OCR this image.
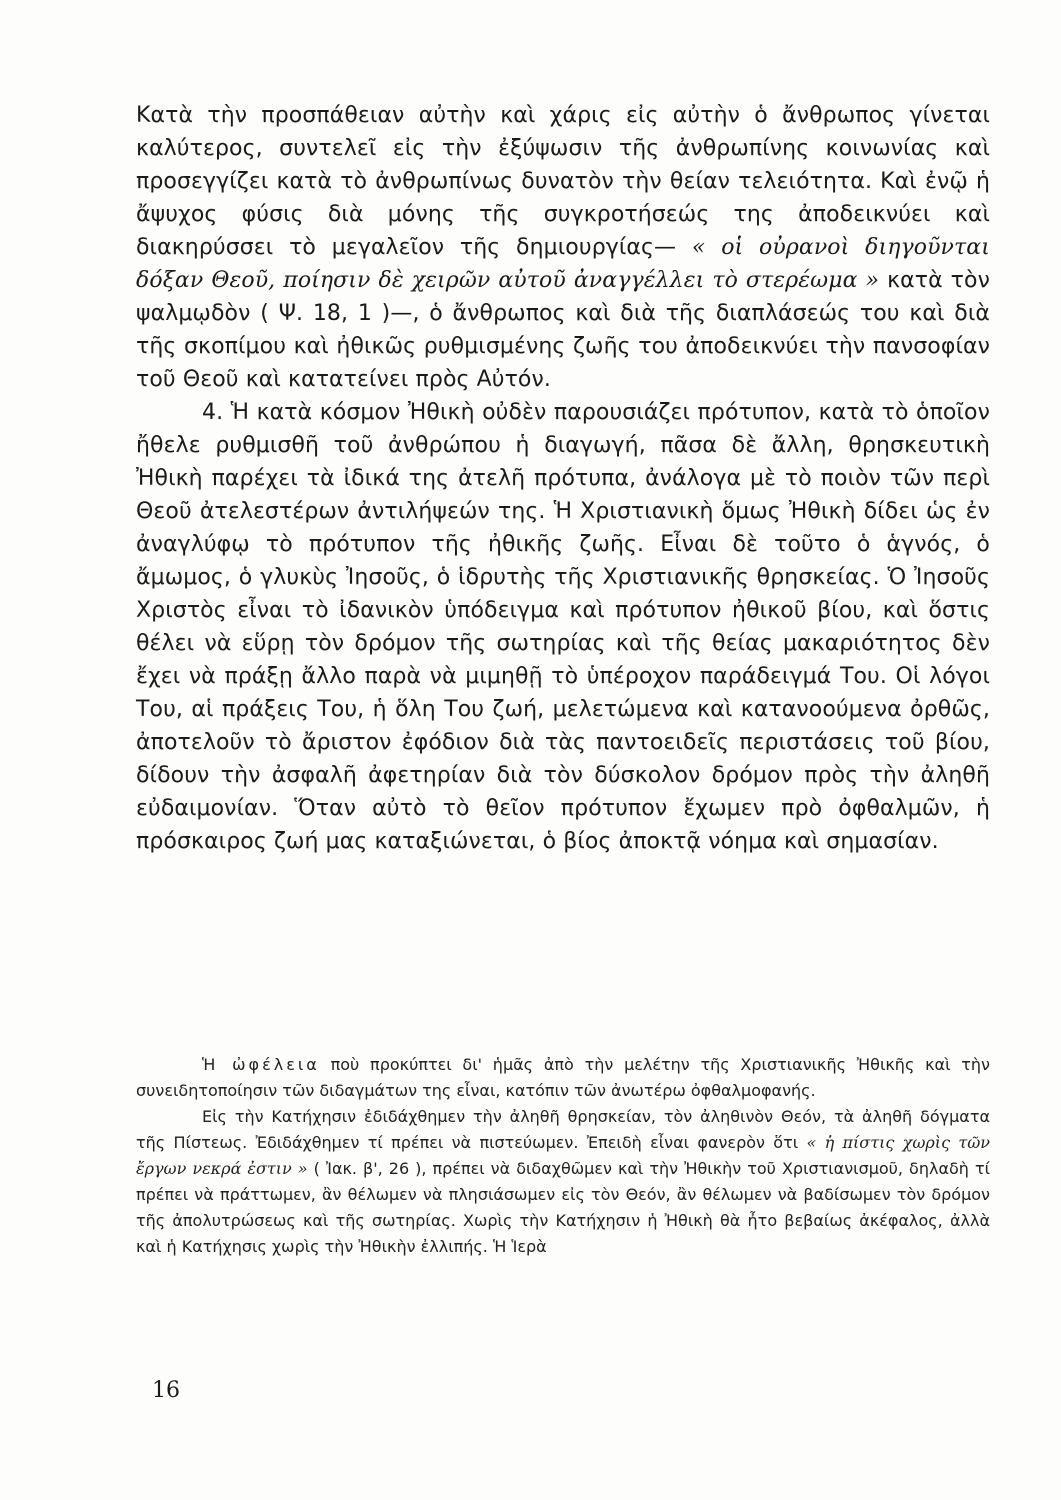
Κατὰ τὴν προσπάθειαν αὐτὴν καὶ χάρις εἰς αὐτὴν ὁ ἄνθρωπος γίνεται καλύτερος, συντελεῖ εἰς τὴν ἐξύψωσιν τῆς ἀνθρωπίνης κοινωνίας καὶ προσεγγίζει κατὰ τὸ ἀνθρωπίνως δυνατὸν τὴν θείαν τελειότητα. Καὶ ἐνῷ ἡ ἄψυχος φύσις διὰ μόνης τῆς συγκροτήσεώς της ἀποδεικνύει καὶ διακηρύσσει τὸ μεγαλεῖον τῆς δημιουργίας— « οἱ οὐρανοὶ διηγοῦνται δόξαν Θεοῦ, ποίησιν δὲ χειρῶν αὐτοῦ ἀναγγέλλει τὸ στερέωμα » κατὰ τὸν ψαλμῳδὸν ( Ψ. 18, 1 )—, ὁ ἄνθρωπος καὶ διὰ τῆς διαπλάσεώς του καὶ διὰ τῆς σκοπίμου καὶ ἠθικῶς ρυθμισμένης ζωῆς του ἀποδεικνύει τὴν πανσοφίαν τοῦ Θεοῦ καὶ κατατείνει πρὸς Αὐτόν.

4. Ἡ κατὰ κόσμον Ἠθικὴ οὐδὲν παρουσιάζει πρότυπον, κατὰ τὸ ὁποῖον ἤθελε ρυθμισθῆ τοῦ ἀνθρώπου ἡ διαγωγή, πᾶσα δὲ ἄλλη, θρησκευτικὴ Ἠθικὴ παρέχει τὰ ἰδικά της ἀτελῆ πρότυπα, ἀνάλογα μὲ τὸ ποιὸν τῶν περὶ Θεοῦ ἀτελεστέρων ἀντιλήψεών της. Ἡ Χριστιανικὴ ὅμως Ἠθικὴ δίδει ὡς ἐν ἀναγλύφῳ τὸ πρότυπον τῆς ἠθικῆς ζωῆς. Εἶναι δὲ τοῦτο ὁ ἁγνός, ὁ ἄμωμος, ὁ γλυκὺς Ἰησοῦς, ὁ ἱδρυτὴς τῆς Χριστιανικῆς θρησκείας. Ὁ Ἰησοῦς Χριστὸς εἶναι τὸ ἰδανικὸν ὑπόδειγμα καὶ πρότυπον ἠθικοῦ βίου, καὶ ὅστις θέλει νὰ εὕρῃ τὸν δρόμον τῆς σωτηρίας καὶ τῆς θείας μακαριότητος δὲν ἔχει νὰ πράξῃ ἄλλο παρὰ νὰ μιμηθῇ τὸ ὑπέροχον παράδειγμά Του. Οἱ λόγοι Του, αἱ πράξεις Του, ἡ ὅλη Του ζωή, μελετώμενα καὶ κατανοούμενα ὀρθῶς, ἀποτελοῦν τὸ ἄριστον ἐφόδιον διὰ τὰς παντοειδεῖς περιστάσεις τοῦ βίου, δίδουν τὴν ἀσφαλῆ ἀφετηρίαν διὰ τὸν δύσκολον δρόμον πρὸς τὴν ἀληθῆ εὐδαιμονίαν. Ὅταν αὐτὸ τὸ θεῖον πρότυπον ἔχωμεν πρὸ ὀφθαλμῶν, ἡ πρόσκαιρος ζωή μας καταξιώνεται, ὁ βίος ἀποκτᾷ νόημα καὶ σημασίαν.

Ἡ ὠφέλεια ποὺ προκύπτει δι' ἡμᾶς ἀπὸ τὴν μελέτην τῆς Χριστιανικῆς Ἠθικῆς καὶ τὴν συνειδητοποίησιν τῶν διδαγμάτων της εἶναι, κατόπιν τῶν ἀνωτέρω ὀφθαλμοφανής.

Εἰς τὴν Κατήχησιν ἐδιδάχθημεν τὴν ἀληθῆ θρησκείαν, τὸν ἀληθινὸν Θεόν, τὰ ἀληθῆ δόγματα τῆς Πίστεως. Ἐδιδάχθημεν τί πρέπει νὰ πιστεύωμεν. Ἐπειδὴ εἶναι φανερὸν ὅτι « ἡ πίστις χωρὶς τῶν ἔργων νεκρά ἐστιν » ( Ἰακ. β', 26 ), πρέπει νὰ διδαχθῶμεν καὶ τὴν Ἠθικὴν τοῦ Χριστιανισμοῦ, δηλαδὴ τί πρέπει νὰ πράττωμεν, ἂν θέλωμεν νὰ πλησιάσωμεν εἰς τὸν Θεόν, ἂν θέλωμεν νὰ βαδίσωμεν τὸν δρόμον τῆς ἀπολυτρώσεως καὶ τῆς σωτηρίας. Χωρὶς τὴν Κατήχησιν ἡ Ἠθικὴ θὰ ἦτο βεβαίως ἀκέφαλος, ἀλλὰ καὶ ἡ Κατήχησις χωρὶς τὴν Ἠθικὴν ἐλλιπής. Ἡ Ἱερὰ

16
